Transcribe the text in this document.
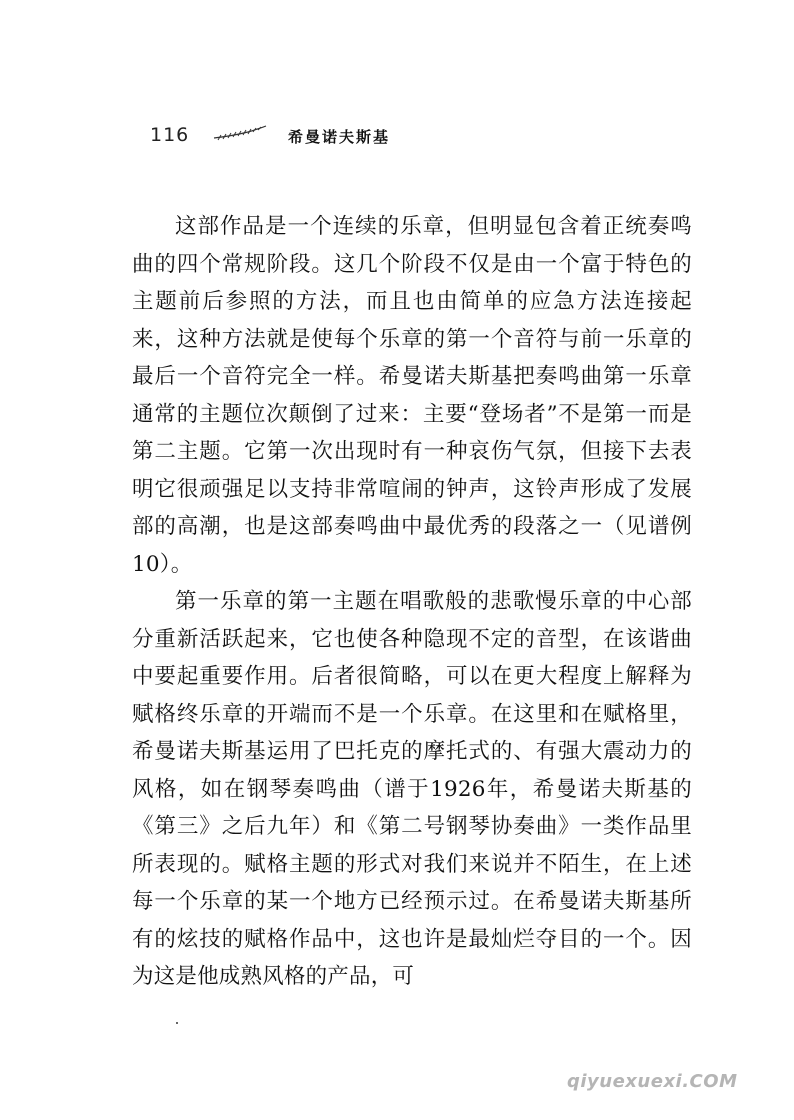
116	希曼诺夫斯基

这部作品是一个连续的乐章，但明显包含着正统奏鸣曲的四个常规阶段。这几个阶段不仅是由一个富于特色的主题前后参照的方法，而且也由简单的应急方法连接起来，这种方法就是使每个乐章的第一个音符与前一乐章的最后一个音符完全一样。希曼诺夫斯基把奏鸣曲第一乐章通常的主题位次颠倒了过来：主要“登场者”不是第一而是第二主题。它第一次出现时有一种哀伤气氛，但接下去表明它很顽强足以支持非常喧闹的钟声，这铃声形成了发展部的高潮，也是这部奏鸣曲中最优秀的段落之一（见谱例10）。

第一乐章的第一主题在唱歌般的悲歌慢乐章的中心部分重新活跃起来，它也使各种隐现不定的音型，在该谐曲中要起重要作用。后者很简略，可以在更大程度上解释为赋格终乐章的开端而不是一个乐章。在这里和在赋格里，希曼诺夫斯基运用了巴托克的摩托式的、有强大震动力的风格，如在钢琴奏鸣曲（谱于1926年，希曼诺夫斯基的《第三》之后九年）和《第二号钢琴协奏曲》一类作品里所表现的。赋格主题的形式对我们来说并不陌生，在上述每一个乐章的某一个地方已经预示过。在希曼诺夫斯基所有的炫技的赋格作品中，这也许是最灿烂夺目的一个。因为这是他成熟风格的产品，可

qiyuexuexi.COM
